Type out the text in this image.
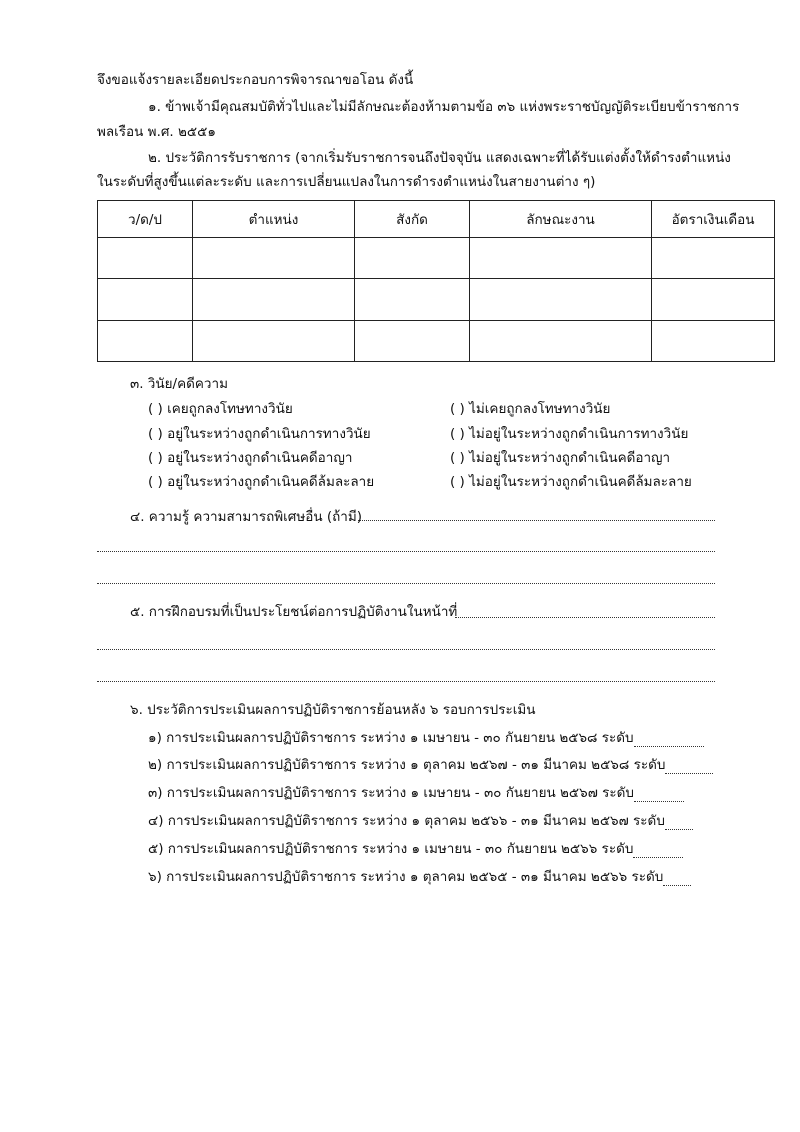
จึงขอแจ้งรายละเอียดประกอบการพิจารณาขอโอน ดังนี้
๑. ข้าพเจ้ามีคุณสมบัติทั่วไปและไม่มีลักษณะต้องห้ามตามข้อ ๓๖ แห่งพระราชบัญญัติระเบียบข้าราชการ
พลเรือน พ.ศ. ๒๕๕๑
๒. ประวัติการรับราชการ (จากเริ่มรับราชการจนถึงปัจจุบัน แสดงเฉพาะที่ได้รับแต่งตั้งให้ดำรงตำแหน่ง
ในระดับที่สูงขึ้นแต่ละระดับ และการเปลี่ยนแปลงในการดำรงตำแหน่งในสายงานต่าง ๆ)
ว/ด/ป	ตำแหน่ง	สังกัด	ลักษณะงาน	อัตราเงินเดือน

๓. วินัย/คดีความ
( ) เคยถูกลงโทษทางวินัย
( ) อยู่ในระหว่างถูกดำเนินการทางวินัย
( ) อยู่ในระหว่างถูกดำเนินคดีอาญา
( ) อยู่ในระหว่างถูกดำเนินคดีล้มละลาย
( ) ไม่เคยถูกลงโทษทางวินัย
( ) ไม่อยู่ในระหว่างถูกดำเนินการทางวินัย
( ) ไม่อยู่ในระหว่างถูกดำเนินคดีอาญา
( ) ไม่อยู่ในระหว่างถูกดำเนินคดีล้มละลาย
๔. ความรู้ ความสามารถพิเศษอื่น (ถ้ามี)
๕. การฝึกอบรมที่เป็นประโยชน์ต่อการปฏิบัติงานในหน้าที่
๖. ประวัติการประเมินผลการปฏิบัติราชการย้อนหลัง ๖ รอบการประเมิน
๑) การประเมินผลการปฏิบัติราชการ ระหว่าง ๑ เมษายน - ๓๐ กันยายน ๒๕๖๘ ระดับ
๒) การประเมินผลการปฏิบัติราชการ ระหว่าง ๑ ตุลาคม ๒๕๖๗ - ๓๑ มีนาคม ๒๕๖๘ ระดับ
๓) การประเมินผลการปฏิบัติราชการ ระหว่าง ๑ เมษายน - ๓๐ กันยายน ๒๕๖๗ ระดับ
๔) การประเมินผลการปฏิบัติราชการ ระหว่าง ๑ ตุลาคม ๒๕๖๖ - ๓๑ มีนาคม ๒๕๖๗ ระดับ
๕) การประเมินผลการปฏิบัติราชการ ระหว่าง ๑ เมษายน - ๓๐ กันยายน ๒๕๖๖ ระดับ
๖) การประเมินผลการปฏิบัติราชการ ระหว่าง ๑ ตุลาคม ๒๕๖๕ - ๓๑ มีนาคม ๒๕๖๖ ระดับ
